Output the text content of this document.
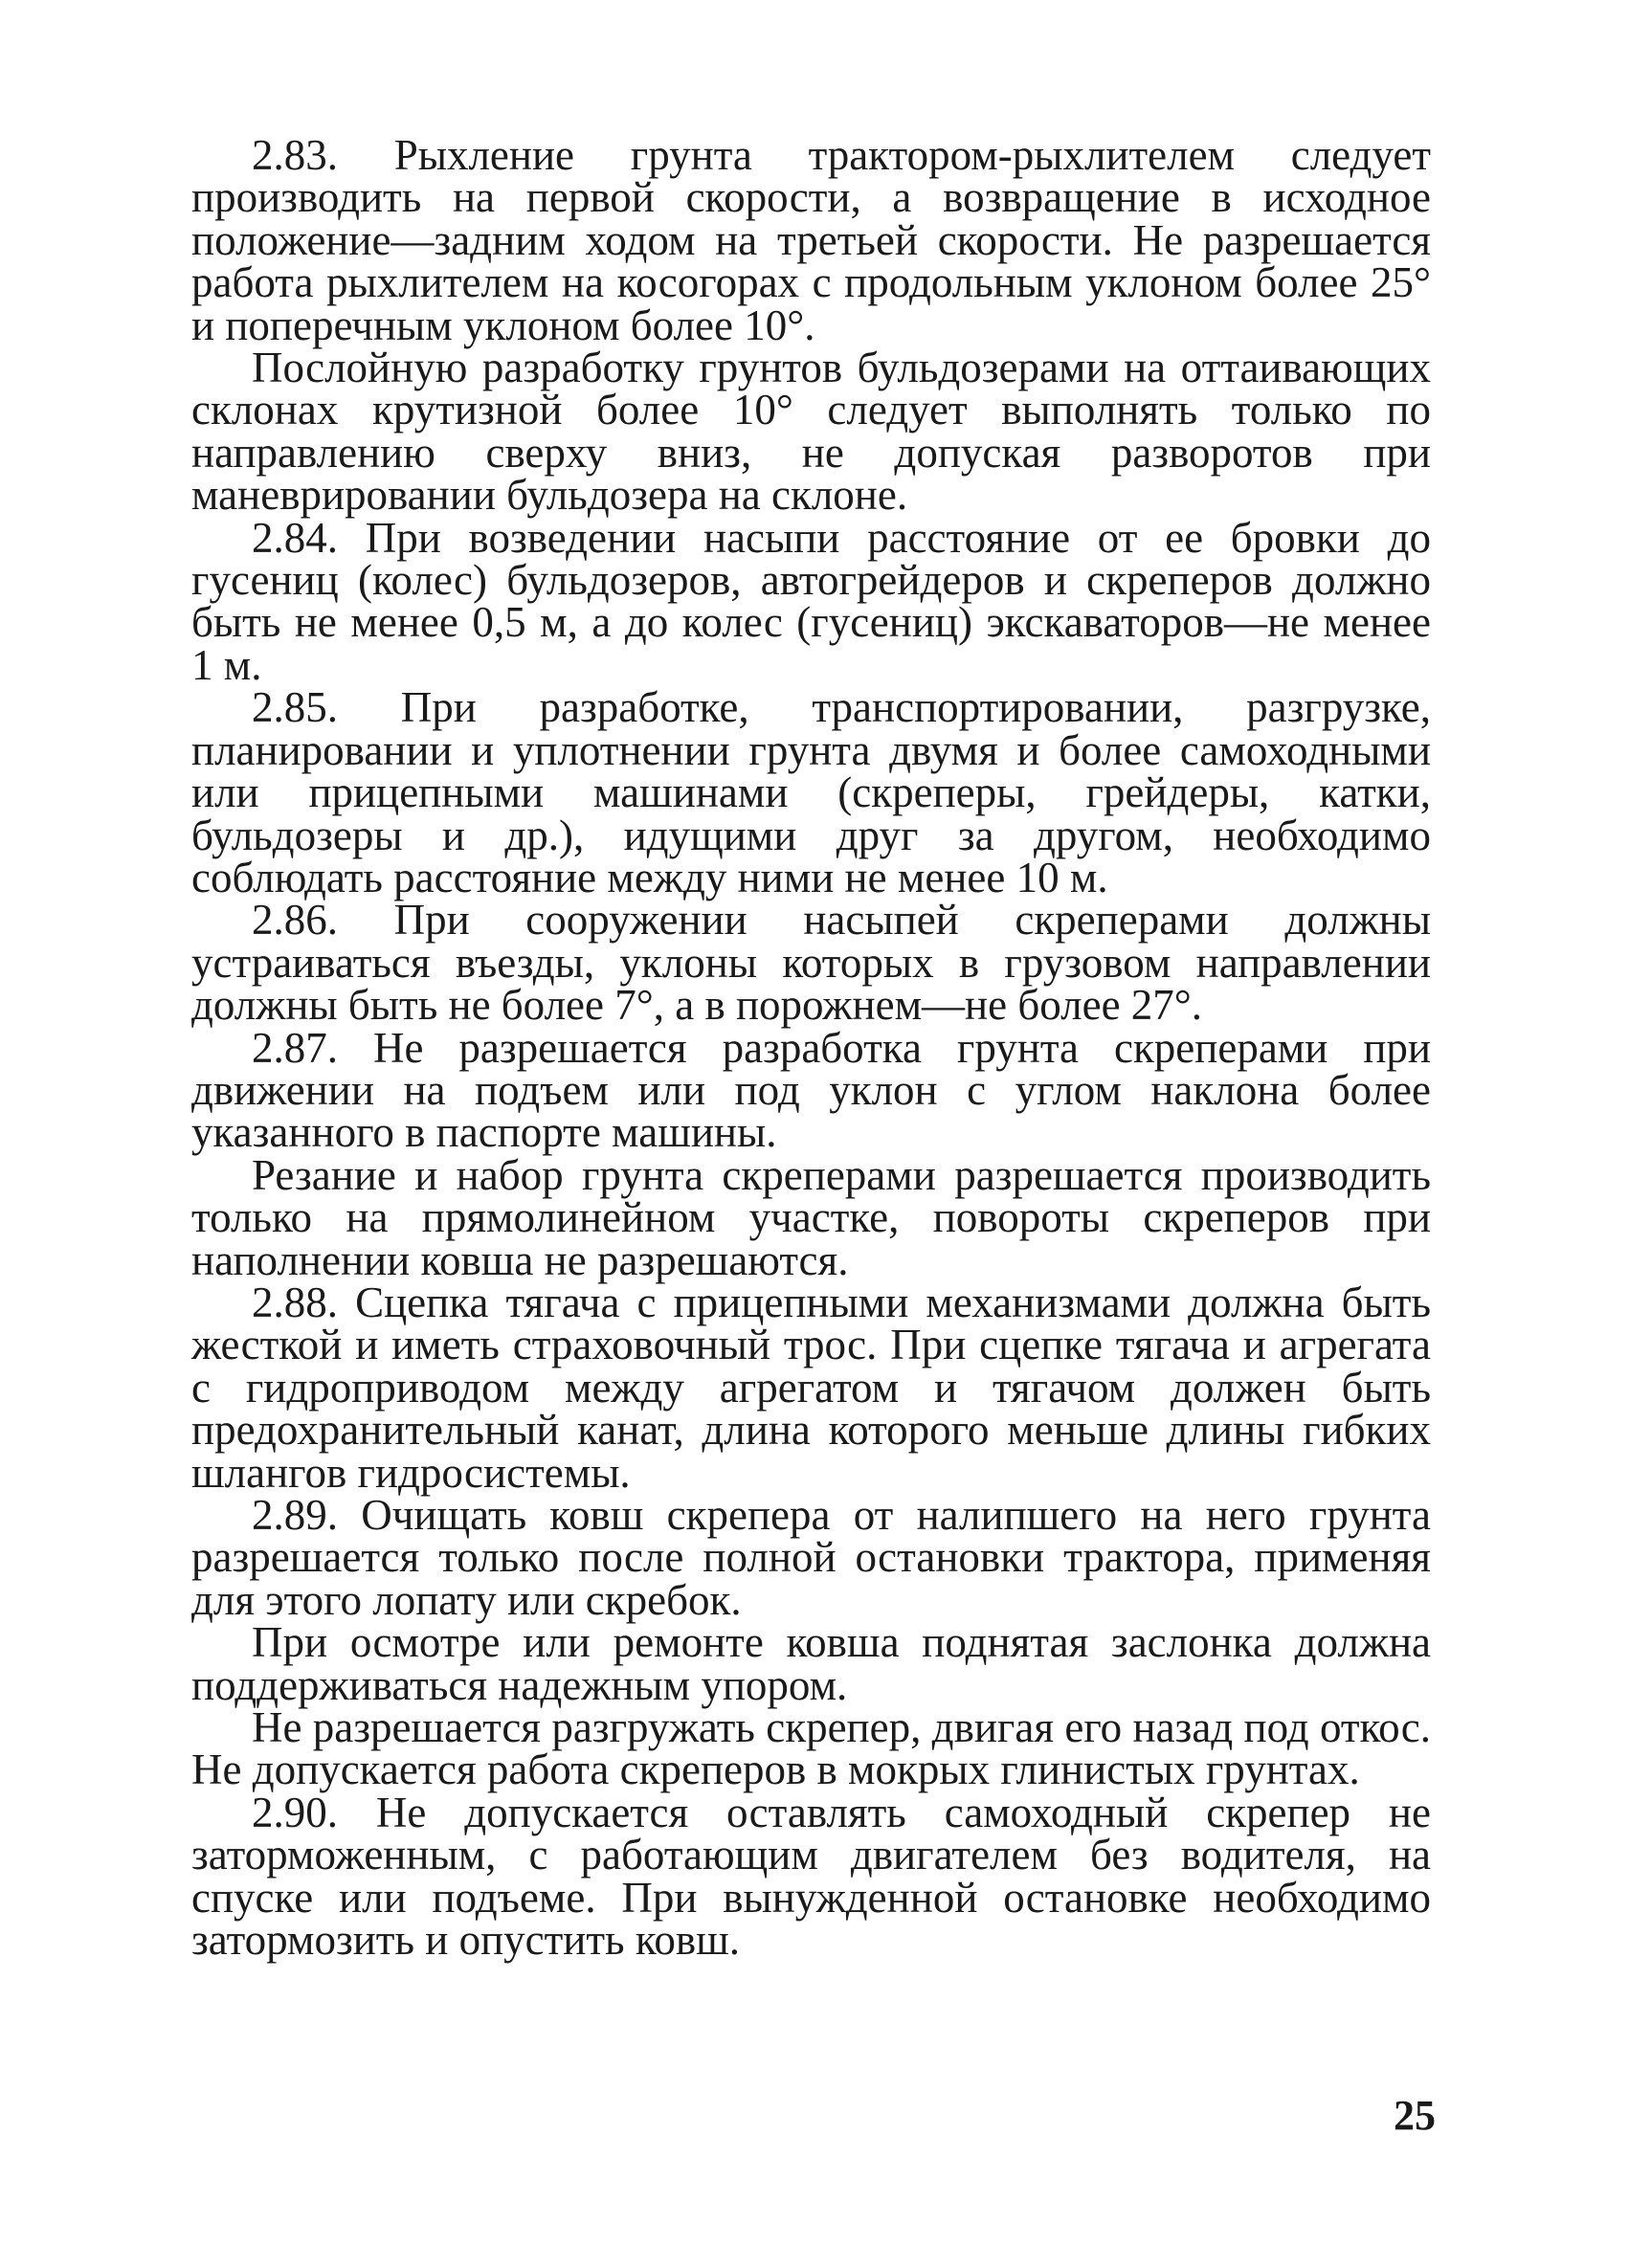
2.83. Рыхление грунта трактором-рыхлителем следует производить на первой скорости, а возвращение в исходное положение—задним ходом на третьей скорости. Не разрешается работа рыхлителем на косогорах с продольным уклоном более 25° и поперечным уклоном более 10°.

Послойную разработку грунтов бульдозерами на оттаивающих склонах крутизной более 10° следует выполнять только по направлению сверху вниз, не допуская разворотов при маневрировании бульдозера на склоне.

2.84. При возведении насыпи расстояние от ее бровки до гусениц (колес) бульдозеров, автогрейдеров и скреперов должно быть не менее 0,5 м, а до колес (гусениц) экскаваторов—не менее 1 м.

2.85. При разработке, транспортировании, разгрузке, планировании и уплотнении грунта двумя и более самоходными или прицепными машинами (скреперы, грейдеры, катки, бульдозеры и др.), идущими друг за другом, необходимо соблюдать расстояние между ними не менее 10 м.

2.86. При сооружении насыпей скреперами должны устраиваться въезды, уклоны которых в грузовом направлении должны быть не более 7°, а в порожнем—не более 27°.

2.87. Не разрешается разработка грунта скреперами при движении на подъем или под уклон с углом наклона более указанного в паспорте машины.

Резание и набор грунта скреперами разрешается производить только на прямолинейном участке, повороты скреперов при наполнении ковша не разрешаются.

2.88. Сцепка тягача с прицепными механизмами должна быть жесткой и иметь страховочный трос. При сцепке тягача и агрегата с гидроприводом между агрегатом и тягачом должен быть предохранительный канат, длина которого меньше длины гибких шлангов гидросистемы.

2.89. Очищать ковш скрепера от налипшего на него грунта разрешается только после полной остановки трактора, применяя для этого лопату или скребок.

При осмотре или ремонте ковша поднятая заслонка должна поддерживаться надежным упором.

Не разрешается разгружать скрепер, двигая его назад под откос. Не допускается работа скреперов в мокрых глинистых грунтах.

2.90. Не допускается оставлять самоходный скрепер не заторможенным, с работающим двигателем без водителя, на спуске или подъеме. При вынужденной остановке необходимо затормозить и опустить ковш.

25
